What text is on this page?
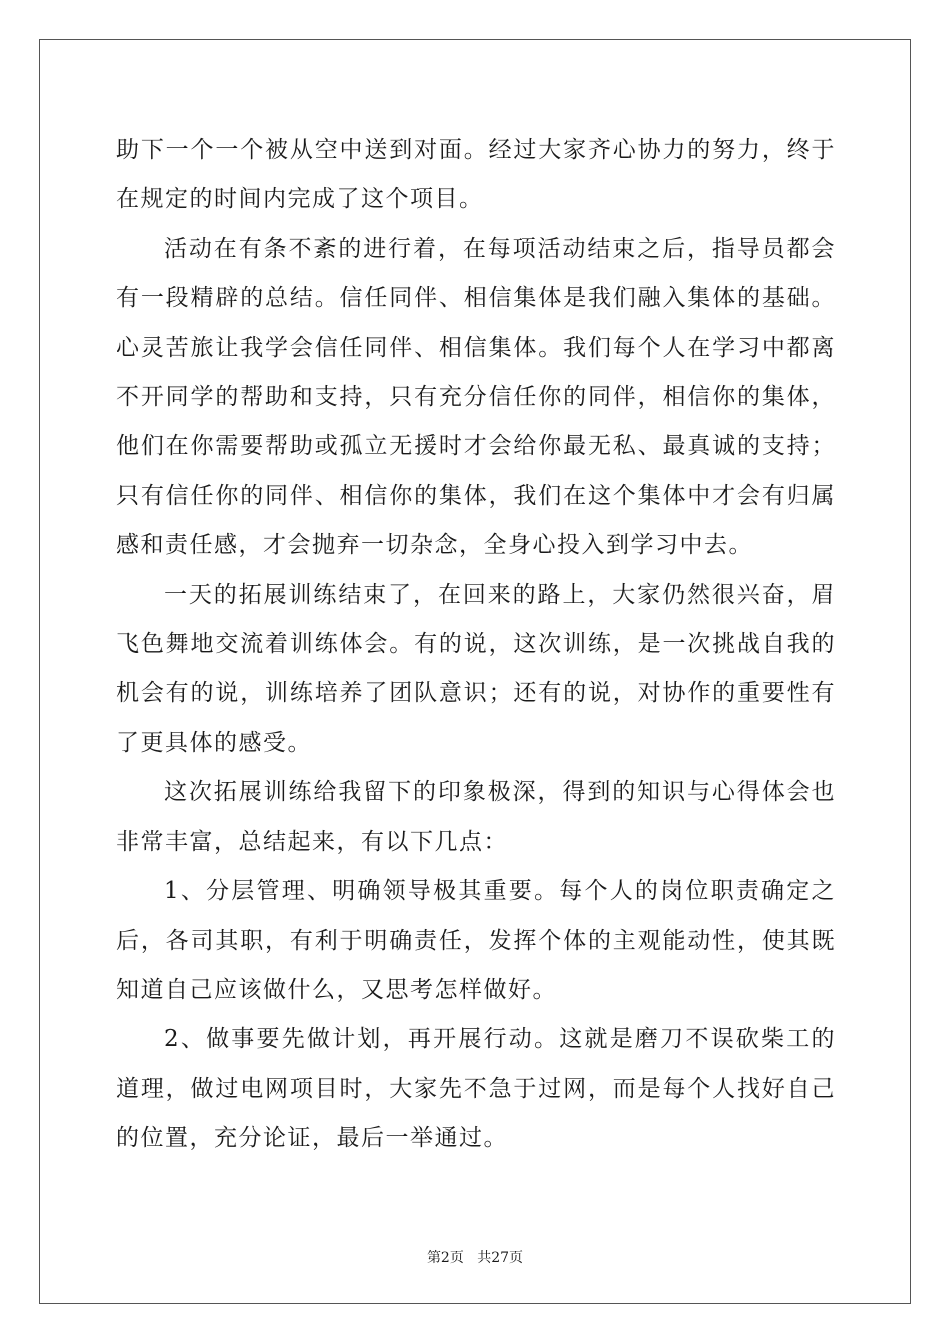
助下一个一个被从空中送到对面。经过大家齐心协力的努力，终于在规定的时间内完成了这个项目。

活动在有条不紊的进行着，在每项活动结束之后，指导员都会有一段精辟的总结。信任同伴、相信集体是我们融入集体的基础。心灵苦旅让我学会信任同伴、相信集体。我们每个人在学习中都离不开同学的帮助和支持，只有充分信任你的同伴，相信你的集体，他们在你需要帮助或孤立无援时才会给你最无私、最真诚的支持；只有信任你的同伴、相信你的集体，我们在这个集体中才会有归属感和责任感，才会抛弃一切杂念，全身心投入到学习中去。

一天的拓展训练结束了，在回来的路上，大家仍然很兴奋，眉飞色舞地交流着训练体会。有的说，这次训练，是一次挑战自我的机会有的说，训练培养了团队意识；还有的说，对协作的重要性有了更具体的感受。

这次拓展训练给我留下的印象极深，得到的知识与心得体会也非常丰富，总结起来，有以下几点：

1、分层管理、明确领导极其重要。每个人的岗位职责确定之后，各司其职，有利于明确责任，发挥个体的主观能动性，使其既知道自己应该做什么，又思考怎样做好。

2、做事要先做计划，再开展行动。这就是磨刀不误砍柴工的道理，做过电网项目时，大家先不急于过网，而是每个人找好自己的位置，充分论证，最后一举通过。

第2页 共27页
